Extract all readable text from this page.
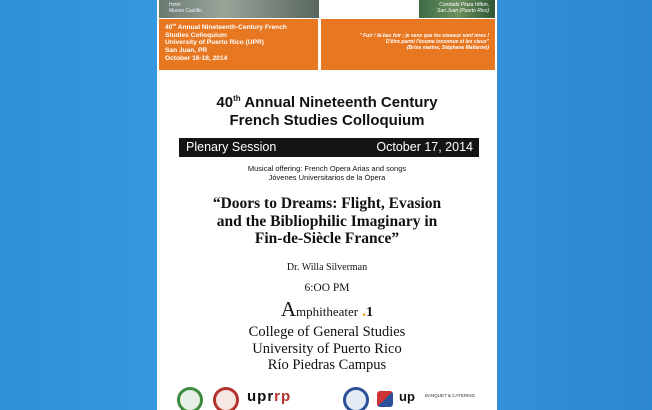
Hotel
Museo Castillo
Condado Plaza Hilton,
San Juan (Puerto Rico)
40th Annual Nineteenth-Century French
Studies Colloquium
University of Puerto Rico (UPR)
San Juan, PR
October 16-18, 2014
" Fuir ! là-bas fuir ; je sens que les oiseaux sont ivres !
D'être parmi l'écume inconnue et les cieux"
(Brise marine, Stéphane Mallarmé)
40th Annual Nineteenth Century
French Studies Colloquium
Plenary Session	October 17, 2014
Musical offering: French Opera Arias and songs
Jóvenes Universitarios de la Ópera
“Doors to Dreams: Flight, Evasion
and the Bibliophilic Imaginary in
Fin-de-Siècle France”
Dr. Willa Silverman
6:OO PM
Amphitheater .1
College of General Studies
University of Puerto Rico
Río Piedras Campus
uprrp	up	BANQUET & CATERING
